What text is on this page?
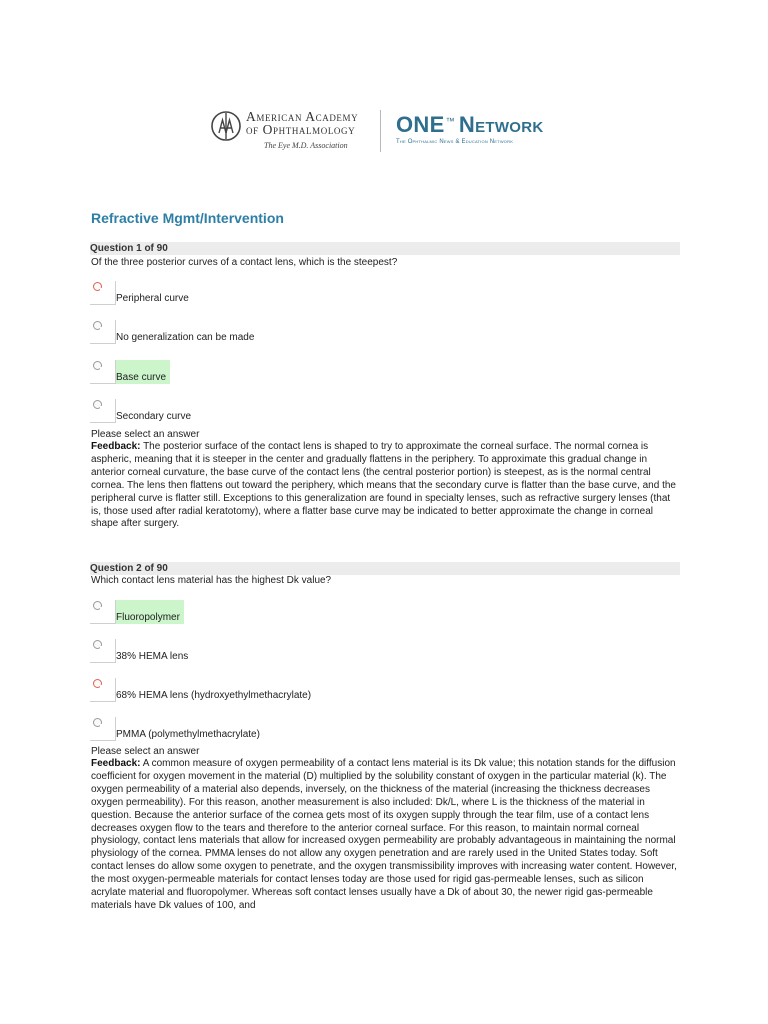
American Academy
of Ophthalmology
The Eye M.D. Association
ONE™ Network
The Ophthalmic News & Education Network
Refractive Mgmt/Intervention
Question 1 of 90
Of the three posterior curves of a contact lens, which is the steepest?
Peripheral curve
No generalization can be made
Base curve
Secondary curve
Please select an answer
Feedback: The posterior surface of the contact lens is shaped to try to approximate the corneal surface. The normal cornea is aspheric, meaning that it is steeper in the center and gradually flattens in the periphery. To approximate this gradual change in anterior corneal curvature, the base curve of the contact lens (the central posterior portion) is steepest, as is the normal central cornea. The lens then flattens out toward the periphery, which means that the secondary curve is flatter than the base curve, and the peripheral curve is flatter still. Exceptions to this generalization are found in specialty lenses, such as refractive surgery lenses (that is, those used after radial keratotomy), where a flatter base curve may be indicated to better approximate the change in corneal shape after surgery.
Question 2 of 90
Which contact lens material has the highest Dk value?
Fluoropolymer
38% HEMA lens
68% HEMA lens (hydroxyethylmethacrylate)
PMMA (polymethylmethacrylate)
Please select an answer
Feedback: A common measure of oxygen permeability of a contact lens material is its Dk value; this notation stands for the diffusion coefficient for oxygen movement in the material (D) multiplied by the solubility constant of oxygen in the particular material (k). The oxygen permeability of a material also depends, inversely, on the thickness of the material (increasing the thickness decreases oxygen permeability). For this reason, another measurement is also included: Dk/L, where L is the thickness of the material in question. Because the anterior surface of the cornea gets most of its oxygen supply through the tear film, use of a contact lens decreases oxygen flow to the tears and therefore to the anterior corneal surface. For this reason, to maintain normal corneal physiology, contact lens materials that allow for increased oxygen permeability are probably advantageous in maintaining the normal physiology of the cornea. PMMA lenses do not allow any oxygen penetration and are rarely used in the United States today. Soft contact lenses do allow some oxygen to penetrate, and the oxygen transmissibility improves with increasing water content. However, the most oxygen-permeable materials for contact lenses today are those used for rigid gas-permeable lenses, such as silicon acrylate material and fluoropolymer. Whereas soft contact lenses usually have a Dk of about 30, the newer rigid gas-permeable materials have Dk values of 100, and
